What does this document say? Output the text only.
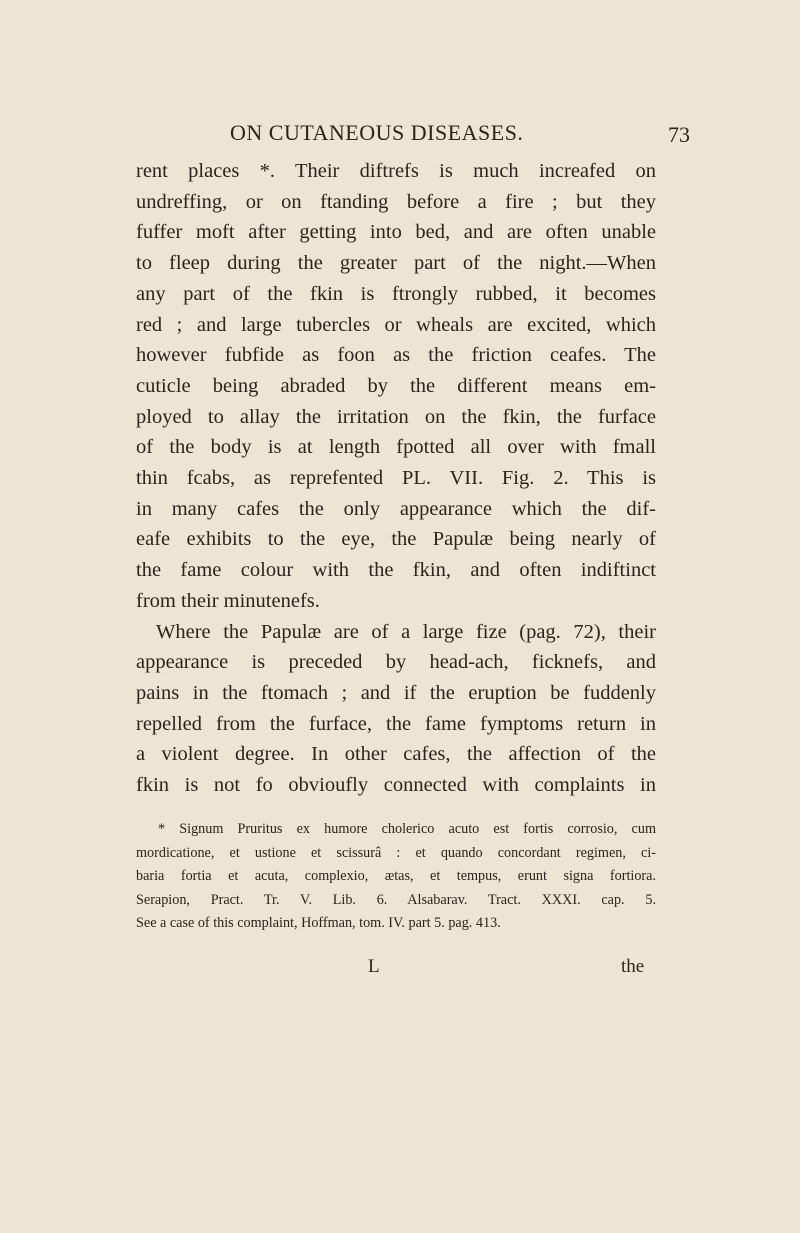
ON CUTANEOUS DISEASES.	73
rent places *. Their diftrefs is much increafed on
undreffing, or on ftanding before a fire ; but they
fuffer moft after getting into bed, and are often unable
to fleep during the greater part of the night.—When
any part of the fkin is ftrongly rubbed, it becomes
red ; and large tubercles or wheals are excited, which
however fubfide as foon as the friction ceafes. The
cuticle being abraded by the different means em-
ployed to allay the irritation on the fkin, the furface
of the body is at length fpotted all over with fmall
thin fcabs, as reprefented PL. VII. Fig. 2. This is
in many cafes the only appearance which the dif-
eafe exhibits to the eye, the Papulæ being nearly of
the fame colour with the fkin, and often indiftinct
from their minutenefs.
Where the Papulæ are of a large fize (pag. 72), their
appearance is preceded by head-ach, ficknefs, and
pains in the ftomach ; and if the eruption be fuddenly
repelled from the furface, the fame fymptoms return in
a violent degree. In other cafes, the affection of the
fkin is not fo obvioufly connected with complaints in
* Signum Pruritus ex humore cholerico acuto est fortis corrosio, cum
mordicatione, et ustione et scissurâ : et quando concordant regimen, ci-
baria fortia et acuta, complexio, ætas, et tempus, erunt signa fortiora.
Serapion, Pract. Tr. V. Lib. 6. Alsabarav. Tract. XXXI. cap. 5.
See a case of this complaint, Hoffman, tom. IV. part 5. pag. 413.
L	the
